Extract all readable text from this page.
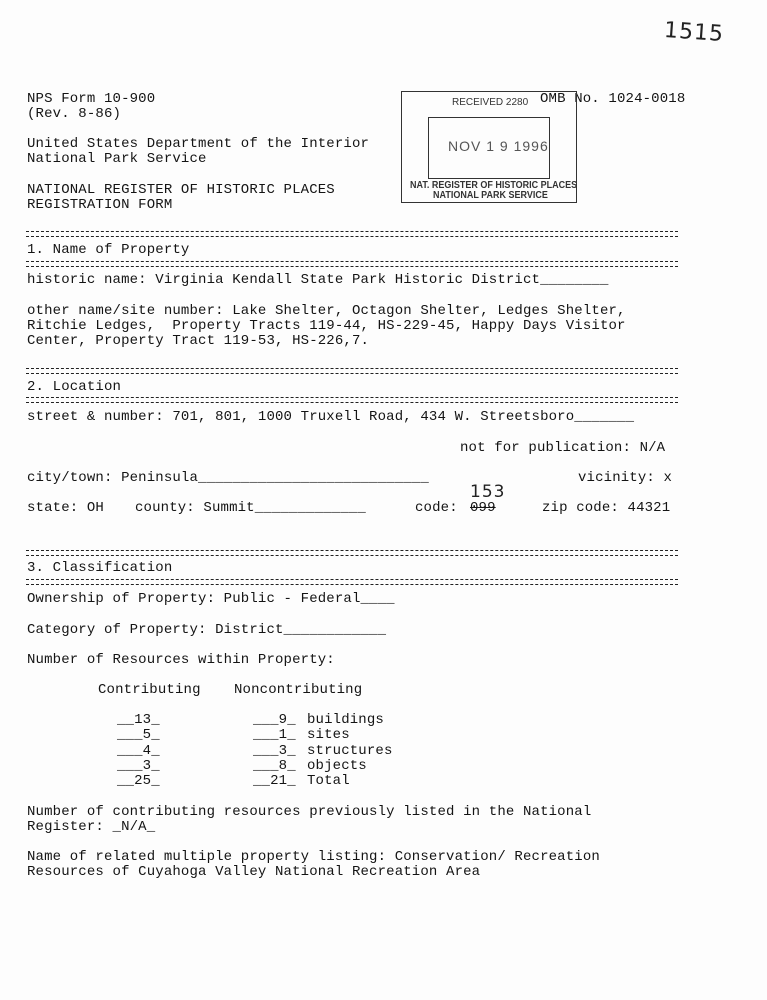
1515
NPS Form 10-900
(Rev. 8-86)
OMB No. 1024-0018
United States Department of the Interior
National Park Service
NATIONAL REGISTER OF HISTORIC PLACES
REGISTRATION FORM
RECEIVED 2280
NOV 1 9 1996
NAT. REGISTER OF HISTORIC PLACES
NATIONAL PARK SERVICE
1. Name of Property
historic name: Virginia Kendall State Park Historic District________
other name/site number: Lake Shelter, Octagon Shelter, Ledges Shelter,
Ritchie Ledges,  Property Tracts 119-44, HS-229-45, Happy Days Visitor
Center, Property Tract 119-53, HS-226,7.
2. Location
street & number: 701, 801, 1000 Truxell Road, 434 W. Streetsboro_______
not for publication: N/A
city/town: Peninsula___________________________	vicinity: x
state: OH county: Summit_____________	code: 099
153
zip code: 44321
3. Classification
Ownership of Property: Public - Federal____
Category of Property: District____________
Number of Resources within Property:
Contributing Noncontributing
__13_	___9_ buildings
___5_	___1_ sites
___4_	___3_ structures
___3_	___8_ objects
__25_	__21_ Total
Number of contributing resources previously listed in the National
Register: _N/A_
Name of related multiple property listing: Conservation/ Recreation
Resources of Cuyahoga Valley National Recreation Area
